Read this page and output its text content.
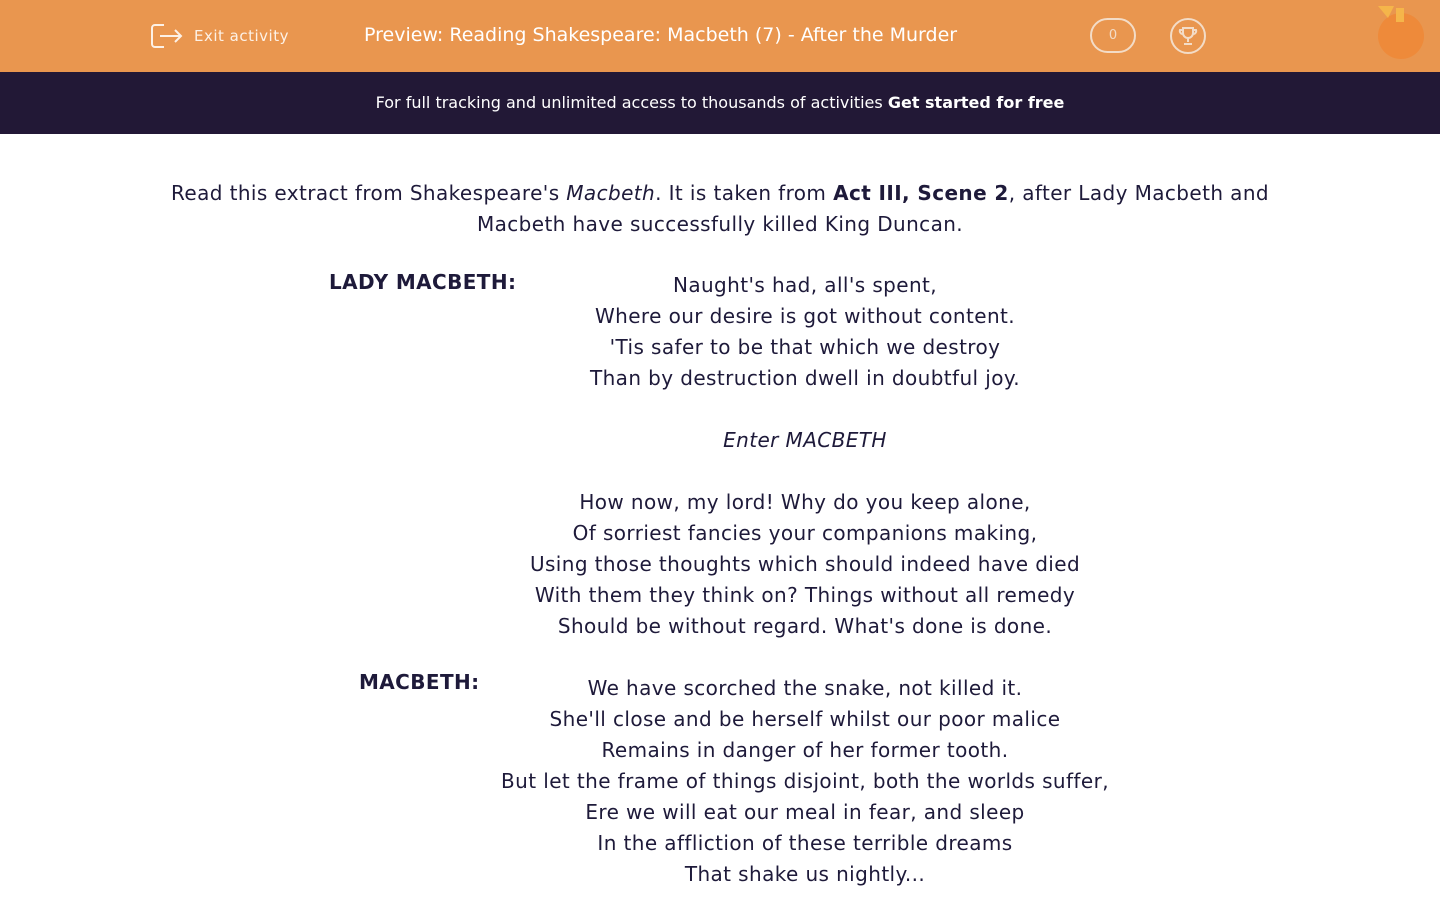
Exit activity	Preview: Reading Shakespeare: Macbeth (7) - After the Murder	0
For full tracking and unlimited access to thousands of activities Get started for free

Read this extract from Shakespeare's Macbeth. It is taken from Act III, Scene 2, after Lady Macbeth and Macbeth have successfully killed King Duncan.

LADY MACBETH:
MACBETH:
Naught's had, all's spent,
Where our desire is got without content.
'Tis safer to be that which we destroy
Than by destruction dwell in doubtful joy.
Enter MACBETH
How now, my lord! Why do you keep alone,
Of sorriest fancies your companions making,
Using those thoughts which should indeed have died
With them they think on? Things without all remedy
Should be without regard. What's done is done.
We have scorched the snake, not killed it.
She'll close and be herself whilst our poor malice
Remains in danger of her former tooth.
But let the frame of things disjoint, both the worlds suffer,
Ere we will eat our meal in fear, and sleep
In the affliction of these terrible dreams
That shake us nightly...
